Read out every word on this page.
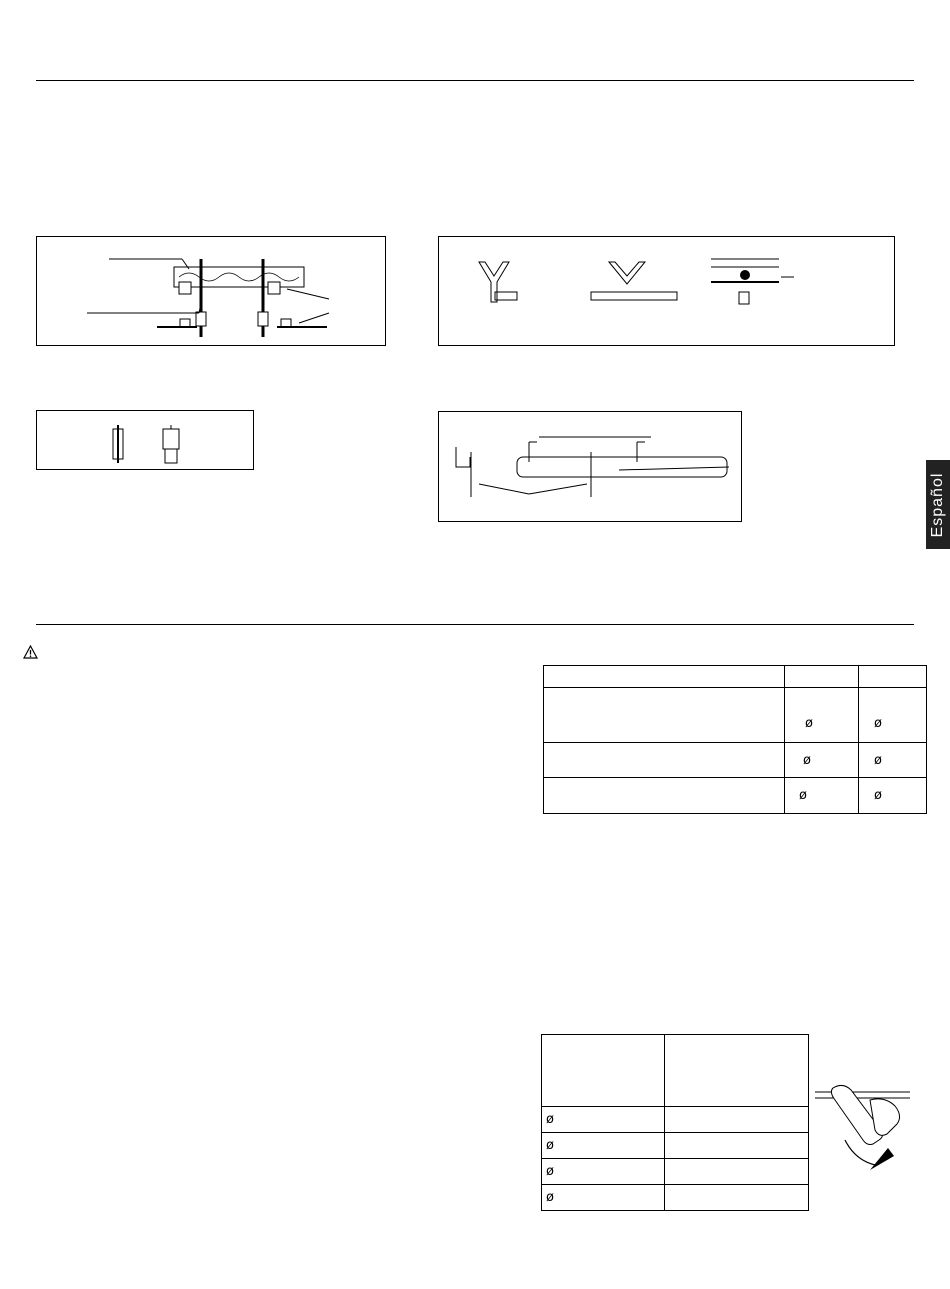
Español

	ø	ø
	ø	ø
	ø	ø

ø	
ø	
ø	
ø	
